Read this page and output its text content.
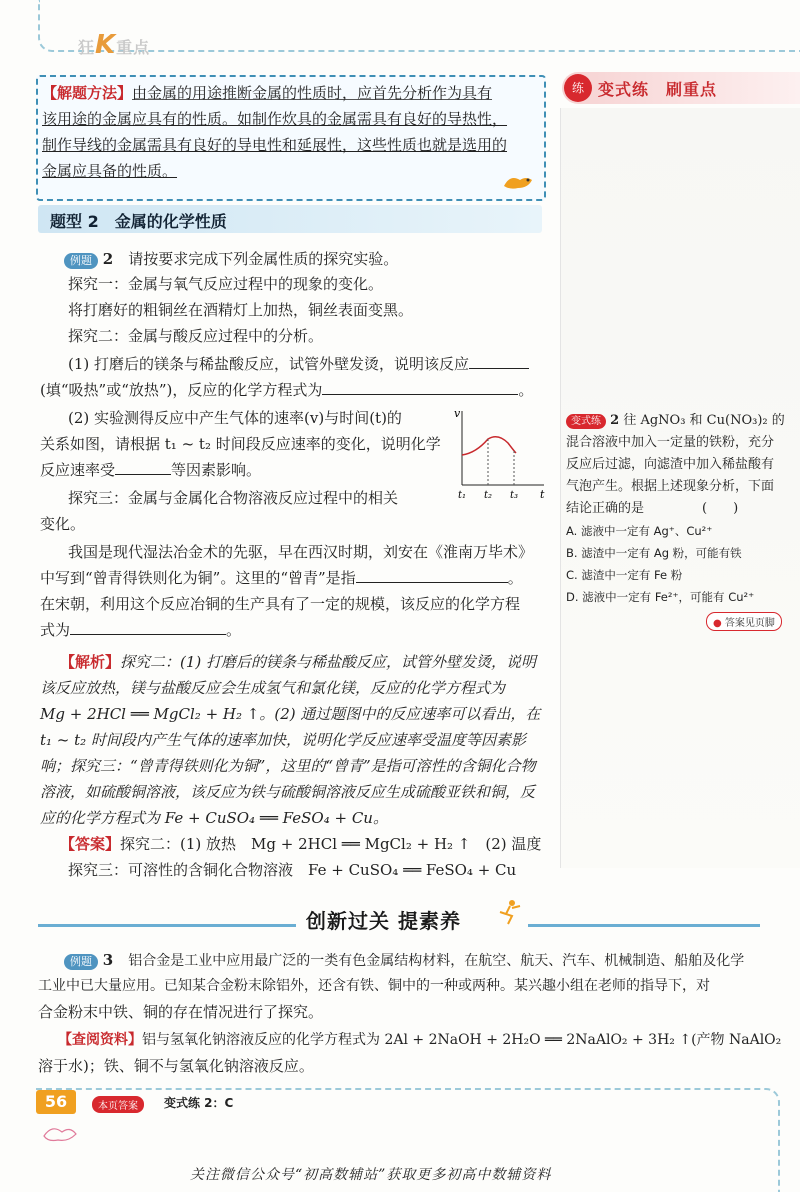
狂K重点
【解题方法】由金属的用途推断金属的性质时，应首先分析作为具有
该用途的金属应具有的性质。如制作炊具的金属需具有良好的导热性，
制作导线的金属需具有良好的导电性和延展性，这些性质也就是选用的
金属应具备的性质。
题型 2　金属的化学性质
练 变式练　刷重点
变式练 2 往 AgNO₃ 和 Cu(NO₃)₂ 的
混合溶液中加入一定量的铁粉，充分
反应后过滤，向滤渣中加入稀盐酸有
气泡产生。根据上述现象分析，下面
结论正确的是	(　　)
A. 滤液中一定有 Ag⁺、Cu²⁺
B. 滤渣中一定有 Ag 粉，可能有铁
C. 滤渣中一定有 Fe 粉
D. 滤液中一定有 Fe²⁺，可能有 Cu²⁺
● 答案见页脚
例题 2　 请按要求完成下列金属性质的探究实验。
探究一：金属与氧气反应过程中的现象的变化。
将打磨好的粗铜丝在酒精灯上加热，铜丝表面变黑。
探究二：金属与酸反应过程中的分析。
(1) 打磨后的镁条与稀盐酸反应，试管外壁发烫，说明该反应
(填“吸热”或“放热”)，反应的化学方程式为	。
(2) 实验测得反应中产生气体的速率(v)与时间(t)的
关系如图，请根据 t₁ ~ t₂ 时间段反应速率的变化，说明化学
反应速率受	等因素影响。
探究三：金属与金属化合物溶液反应过程中的相关
变化。
我国是现代湿法冶金术的先驱，早在西汉时期，刘安在《淮南万毕术》
中写到“曾青得铁则化为铜”。这里的“曾青”是指	。
在宋朝，利用这个反应冶铜的生产具有了一定的规模，该反应的化学方程
式为	。
v
t
t₁ t₂ t₃
【解析】探究二：(1) 打磨后的镁条与稀盐酸反应，试管外壁发烫，说明
该反应放热，镁与盐酸反应会生成氢气和氯化镁，反应的化学方程式为
Mg + 2HCl ══ MgCl₂ + H₂ ↑。(2) 通过题图中的反应速率可以看出，在
t₁ ~ t₂ 时间段内产生气体的速率加快，说明化学反应速率受温度等因素影
响；探究三：“曾青得铁则化为铜”，这里的“曾青”是指可溶性的含铜化合物
溶液，如硫酸铜溶液，该反应为铁与硫酸铜溶液反应生成硫酸亚铁和铜，反
应的化学方程式为 Fe + CuSO₄ ══ FeSO₄ + Cu。
【答案】探究二：(1) 放热　Mg + 2HCl ══ MgCl₂ + H₂ ↑　(2) 温度
探究三：可溶性的含铜化合物溶液　Fe + CuSO₄ ══ FeSO₄ + Cu
创新过关 提素养
例题 3　 铝合金是工业中应用最广泛的一类有色金属结构材料，在航空、航天、汽车、机械制造、船舶及化学
工业中已大量应用。已知某合金粉末除铝外，还含有铁、铜中的一种或两种。某兴趣小组在老师的指导下，对
合金粉末中铁、铜的存在情况进行了探究。
【查阅资料】铝与氢氧化钠溶液反应的化学方程式为 2Al + 2NaOH + 2H₂O ══ 2NaAlO₂ + 3H₂ ↑(产物 NaAlO₂
溶于水)；铁、铜不与氢氧化钠溶液反应。
56	本页答案	变式练 2：C
关注微信公众号“初高数辅站”获取更多初高中数辅资料
